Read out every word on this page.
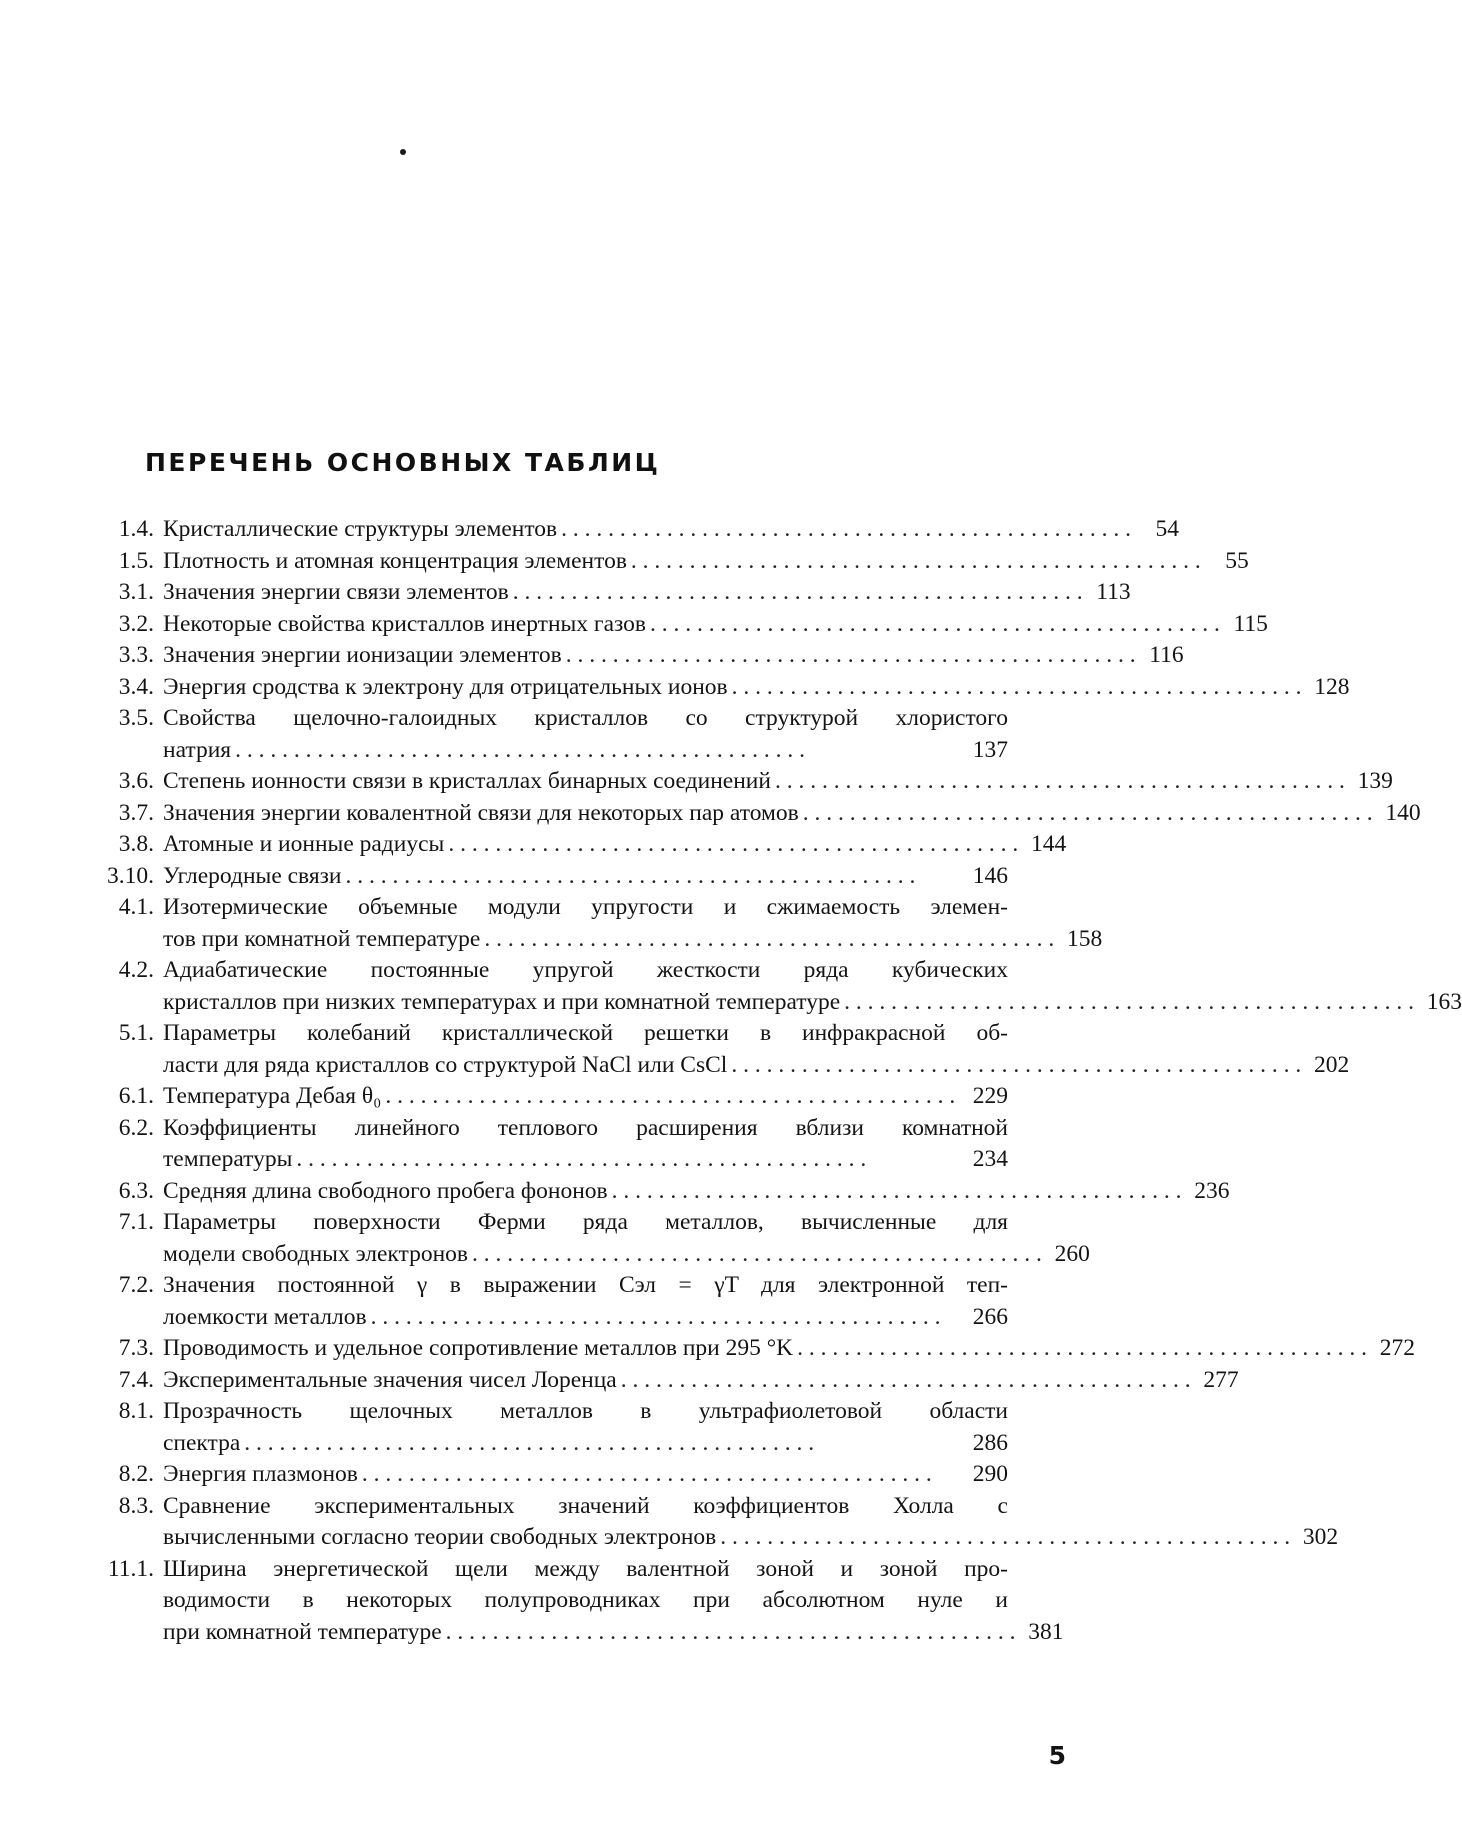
ПЕРЕЧЕНЬ ОСНОВНЫХ ТАБЛИЦ
1.4. Кристаллические структуры элементов . . . . . . . . . . . . . . . . . . . . . . . . . . . . . . . . . . . . . . . . . . . . . . . . .	54
1.5. Плотность и атомная концентрация элементов . . . . . . . . . . . . . . . . . . . . . . . . . . . . . . . . . . . . . . . . . . . . . . . . .	55
3.1. Значения энергии связи элементов . . . . . . . . . . . . . . . . . . . . . . . . . . . . . . . . . . . . . . . . . . . . . . . . . 113
3.2. Некоторые свойства кристаллов инертных газов . . . . . . . . . . . . . . . . . . . . . . . . . . . . . . . . . . . . . . . . . . . . . . . . . 115
3.3. Значения энергии ионизации элементов . . . . . . . . . . . . . . . . . . . . . . . . . . . . . . . . . . . . . . . . . . . . . . . . . 116
3.4. Энергия сродства к электрону для отрицательных ионов . . . . . . . . . . . . . . . . . . . . . . . . . . . . . . . . . . . . . . . . . . . . . . . . . 128
3.5. Свойства щелочно-галоидных кристаллов со структурой хлористого
натрия . . . . . . . . . . . . . . . . . . . . . . . . . . . . . . . . . . . . . . . . . . . . . . . . .	137
3.6. Степень ионности связи в кристаллах бинарных соединений . . . . . . . . . . . . . . . . . . . . . . . . . . . . . . . . . . . . . . . . . . . . . . . . . 139
3.7. Значения энергии ковалентной связи для некоторых пар атомов . . . . . . . . . . . . . . . . . . . . . . . . . . . . . . . . . . . . . . . . . . . . . . . . . 140
3.8. Атомные и ионные радиусы . . . . . . . . . . . . . . . . . . . . . . . . . . . . . . . . . . . . . . . . . . . . . . . . . 144
3.10. Углеродные связи . . . . . . . . . . . . . . . . . . . . . . . . . . . . . . . . . . . . . . . . . . . . . . . . .	146
4.1. Изотермические объемные модули упругости и сжимаемость элемен-
тов при комнатной температуре . . . . . . . . . . . . . . . . . . . . . . . . . . . . . . . . . . . . . . . . . . . . . . . . . 158
4.2. Адиабатические постоянные упругой жесткости ряда кубических
кристаллов при низких температурах и при комнатной температуре . . . . . . . . . . . . . . . . . . . . . . . . . . . . . . . . . . . . . . . . . . . . . . . . . 163
5.1. Параметры колебаний кристаллической решетки в инфракрасной об-
ласти для ряда кристаллов со структурой NaCl или CsCl . . . . . . . . . . . . . . . . . . . . . . . . . . . . . . . . . . . . . . . . . . . . . . . . . 202
6.1. Температура Дебая θ₀ . . . . . . . . . . . . . . . . . . . . . . . . . . . . . . . . . . . . . . . . . . . . . . . . . 229
6.2. Коэффициенты линейного теплового расширения вблизи комнатной
температуры . . . . . . . . . . . . . . . . . . . . . . . . . . . . . . . . . . . . . . . . . . . . . . . . .	234
6.3. Средняя длина свободного пробега фононов . . . . . . . . . . . . . . . . . . . . . . . . . . . . . . . . . . . . . . . . . . . . . . . . . 236
7.1. Параметры поверхности Ферми ряда металлов, вычисленные для
модели свободных электронов . . . . . . . . . . . . . . . . . . . . . . . . . . . . . . . . . . . . . . . . . . . . . . . . . 260
7.2. Значения постоянной γ в выражении Cэл = γT для электронной теп-
лоемкости металлов . . . . . . . . . . . . . . . . . . . . . . . . . . . . . . . . . . . . . . . . . . . . . . . . .	266
7.3. Проводимость и удельное сопротивление металлов при 295 °K . . . . . . . . . . . . . . . . . . . . . . . . . . . . . . . . . . . . . . . . . . . . . . . . . 272
7.4. Экспериментальные значения чисел Лоренца . . . . . . . . . . . . . . . . . . . . . . . . . . . . . . . . . . . . . . . . . . . . . . . . . 277
8.1. Прозрачность щелочных металлов в ультрафиолетовой области
спектра . . . . . . . . . . . . . . . . . . . . . . . . . . . . . . . . . . . . . . . . . . . . . . . . .	286
8.2. Энергия плазмонов . . . . . . . . . . . . . . . . . . . . . . . . . . . . . . . . . . . . . . . . . . . . . . . . .	290
8.3. Сравнение экспериментальных значений коэффициентов Холла с
вычисленными согласно теории свободных электронов . . . . . . . . . . . . . . . . . . . . . . . . . . . . . . . . . . . . . . . . . . . . . . . . . 302
11.1. Ширина энергетической щели между валентной зоной и зоной про-
водимости в некоторых полупроводниках при абсолютном нуле и
при комнатной температуре . . . . . . . . . . . . . . . . . . . . . . . . . . . . . . . . . . . . . . . . . . . . . . . . . 381
5
